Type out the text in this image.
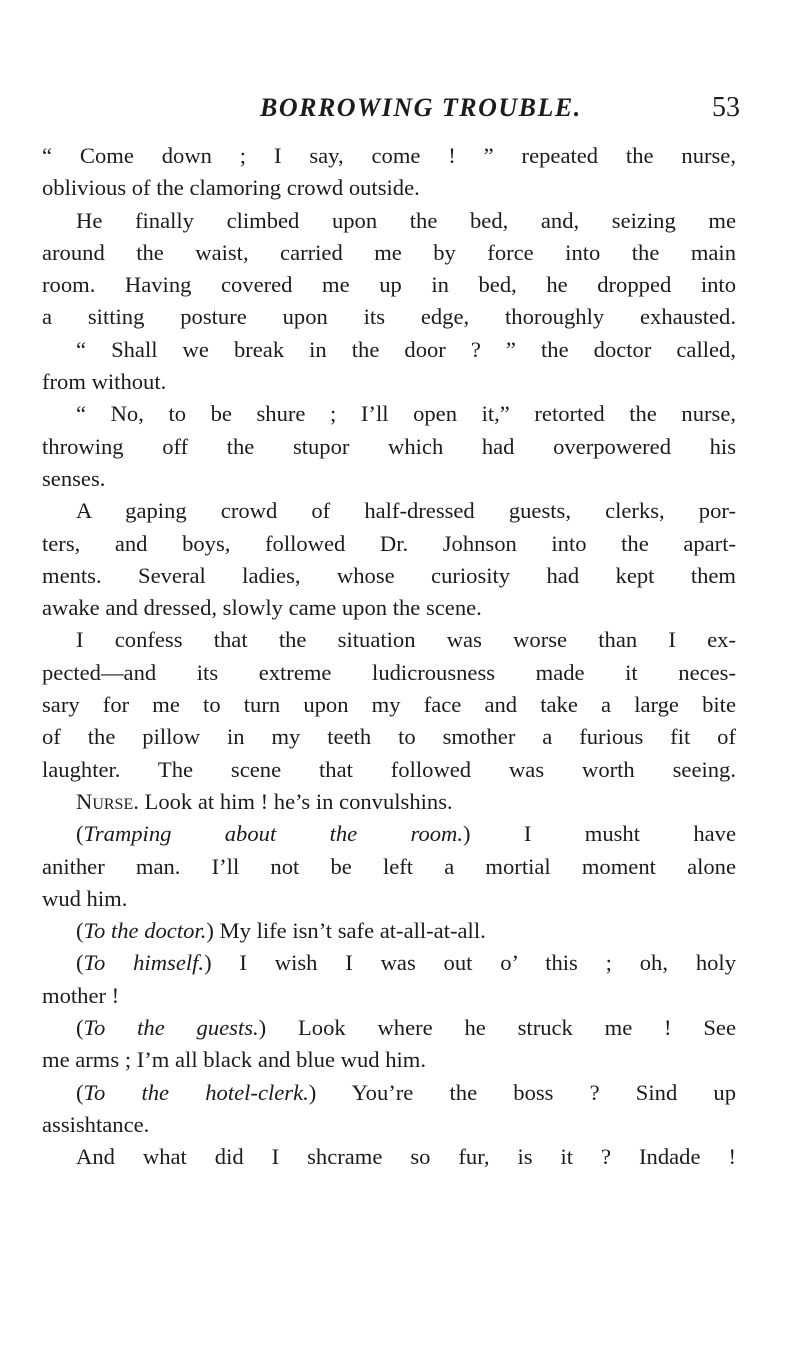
BORROWING TROUBLE.	53
“ Come down ; I say, come ! ” repeated the nurse,
oblivious of the clamoring crowd outside.
He finally climbed upon the bed, and, seizing me
around the waist, carried me by force into the main
room. Having covered me up in bed, he dropped into
a sitting posture upon its edge, thoroughly exhausted.
“ Shall we break in the door ? ” the doctor called,
from without.
“ No, to be shure ; I’ll open it,” retorted the nurse,
throwing off the stupor which had overpowered his
senses.
A gaping crowd of half-dressed guests, clerks, por-
ters, and boys, followed Dr. Johnson into the apart-
ments. Several ladies, whose curiosity had kept them
awake and dressed, slowly came upon the scene.
I confess that the situation was worse than I ex-
pected—and its extreme ludicrousness made it neces-
sary for me to turn upon my face and take a large bite
of the pillow in my teeth to smother a furious fit of
laughter. The scene that followed was worth seeing.
Nurse. Look at him ! he’s in convulshins.
(Tramping about the room.) I musht have
anither man. I’ll not be left a mortial moment alone
wud him.
(To the doctor.) My life isn’t safe at-all-at-all.
(To himself.) I wish I was out o’ this ; oh, holy
mother !
(To the guests.) Look where he struck me ! See
me arms ; I’m all black and blue wud him.
(To the hotel-clerk.) You’re the boss ? Sind up
assishtance.
And what did I shcrame so fur, is it ? Indade !
